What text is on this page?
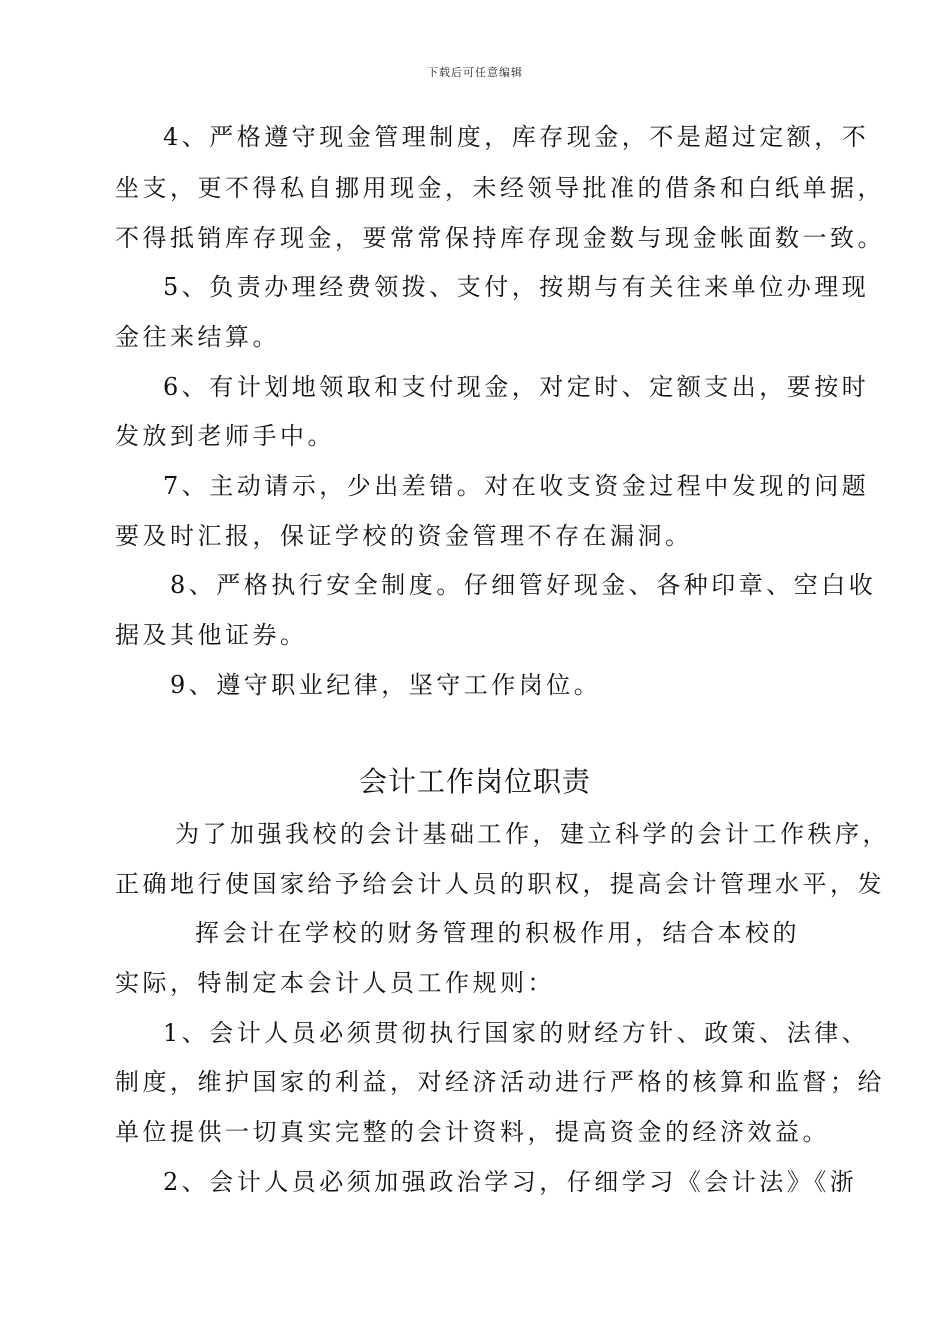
下载后可任意编辑
4、严格遵守现金管理制度，库存现金，不是超过定额，不
坐支，更不得私自挪用现金，未经领导批准的借条和白纸单据，
不得抵销库存现金，要常常保持库存现金数与现金帐面数一致。
5、负责办理经费领拨、支付，按期与有关往来单位办理现
金往来结算。
6、有计划地领取和支付现金，对定时、定额支出，要按时
发放到老师手中。
7、主动请示，少出差错。对在收支资金过程中发现的问题
要及时汇报，保证学校的资金管理不存在漏洞。
8、严格执行安全制度。仔细管好现金、各种印章、空白收
据及其他证券。
9、遵守职业纪律，坚守工作岗位。
会计工作岗位职责
为了加强我校的会计基础工作，建立科学的会计工作秩序，
正确地行使国家给予给会计人员的职权，提高会计管理水平，发
挥会计在学校的财务管理的积极作用，结合本校的
实际，特制定本会计人员工作规则：
1、会计人员必须贯彻执行国家的财经方针、政策、法律、
制度，维护国家的利益，对经济活动进行严格的核算和监督；给
单位提供一切真实完整的会计资料，提高资金的经济效益。
2、会计人员必须加强政治学习，仔细学习《会计法》《浙
